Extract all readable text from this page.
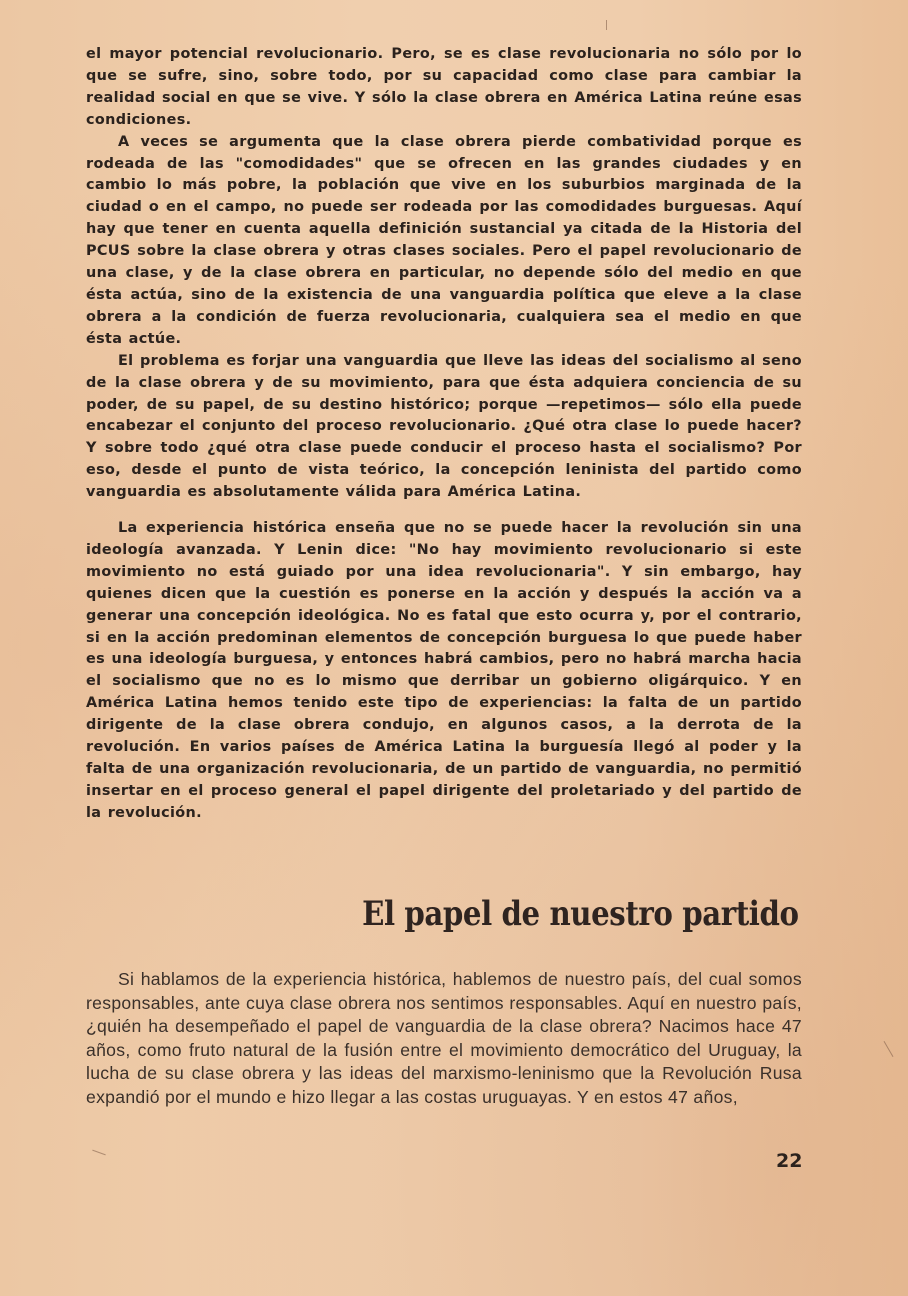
el mayor potencial revolucionario. Pero, se es clase revolucionaria no sólo por lo que se sufre, sino, sobre todo, por su capacidad como clase para cambiar la realidad social en que se vive. Y sólo la clase obrera en América Latina reúne esas condiciones.

A veces se argumenta que la clase obrera pierde combatividad porque es rodeada de las "comodidades" que se ofrecen en las grandes ciudades y en cambio lo más pobre, la población que vive en los suburbios marginada de la ciudad o en el campo, no puede ser rodeada por las comodidades burguesas. Aquí hay que tener en cuenta aquella definición sustancial ya citada de la Historia del PCUS sobre la clase obrera y otras clases sociales. Pero el papel revolucionario de una clase, y de la clase obrera en particular, no depende sólo del medio en que ésta actúa, sino de la existencia de una vanguardia política que eleve a la clase obrera a la condición de fuerza revolucionaria, cualquiera sea el medio en que ésta actúe.

El problema es forjar una vanguardia que lleve las ideas del socialismo al seno de la clase obrera y de su movimiento, para que ésta adquiera conciencia de su poder, de su papel, de su destino histórico; porque —repetimos— sólo ella puede encabezar el conjunto del proceso revolucionario. ¿Qué otra clase lo puede hacer? Y sobre todo ¿qué otra clase puede conducir el proceso hasta el socialismo? Por eso, desde el punto de vista teórico, la concepción leninista del partido como vanguardia es absolutamente válida para América Latina.

La experiencia histórica enseña que no se puede hacer la revolución sin una ideología avanzada. Y Lenin dice: "No hay movimiento revolucionario si este movimiento no está guiado por una idea revolucionaria". Y sin embargo, hay quienes dicen que la cuestión es ponerse en la acción y después la acción va a generar una concepción ideológica. No es fatal que esto ocurra y, por el contrario, si en la acción predominan elementos de concepción burguesa lo que puede haber es una ideología burguesa, y entonces habrá cambios, pero no habrá marcha hacia el socialismo que no es lo mismo que derribar un gobierno oligárquico. Y en América Latina hemos tenido este tipo de experiencias: la falta de un partido dirigente de la clase obrera condujo, en algunos casos, a la derrota de la revolución. En varios países de América Latina la burguesía llegó al poder y la falta de una organización revolucionaria, de un partido de vanguardia, no permitió insertar en el proceso general el papel dirigente del proletariado y del partido de la revolución.

El papel de nuestro partido

Si hablamos de la experiencia histórica, hablemos de nuestro país, del cual somos responsables, ante cuya clase obrera nos sentimos responsables. Aquí en nuestro país, ¿quién ha desempeñado el papel de vanguardia de la clase obrera? Nacimos hace 47 años, como fruto natural de la fusión entre el movimiento democrático del Uruguay, la lucha de su clase obrera y las ideas del marxismo-leninismo que la Revolución Rusa expandió por el mundo e hizo llegar a las costas uruguayas. Y en estos 47 años,

22
